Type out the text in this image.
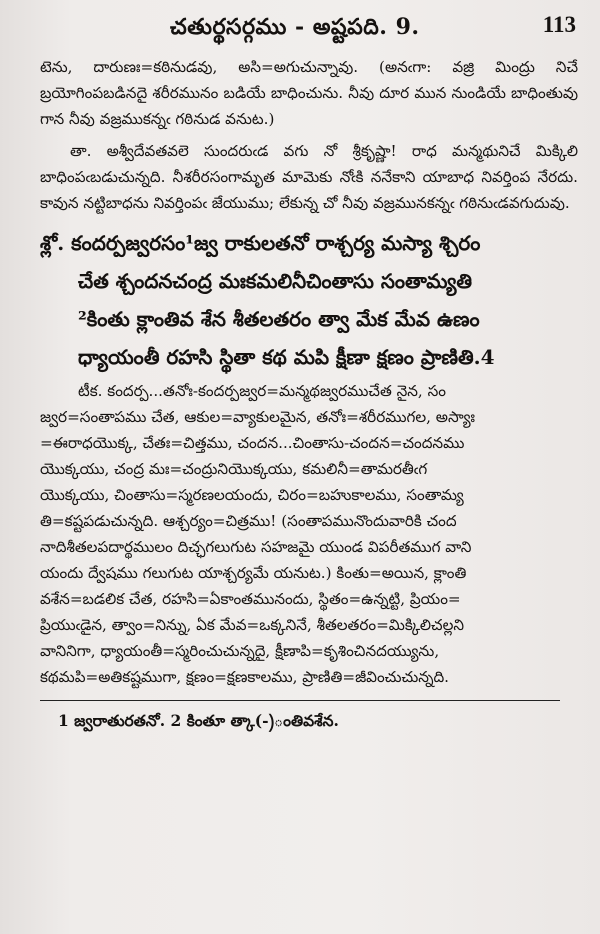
చతుర్థసర్గము - అష్టపది. 9.	113

టెను, దారుణః=కఠినుడవు, అసి=అగుచున్నావు. (అనఁగా: వజ్రి మింద్రు నిచే బ్రయోగింపబడినదై శరీరమునం బడియే బాధించును. నీవు దూర మున నుండియే బాధింతువు గాన నీవు వజ్రముకన్నఁ గఠినుడ వనుట.)

తా. అశ్వీదేవతవలె సుందరుఁడ వగు నో శ్రీకృష్ణా! రాధ మన్మథునిచే మిక్కిలి బాధింపఁబడుచున్నది. నీశరీరసంగామృత మామెకు నోఁకి ననేకాని యాబాధ నివర్తింప నేరదు. కావున నట్టిబాధను నివర్తింపఁ జేయుము; లేకున్న చో నీవు వజ్రమునకన్నఁ గఠినుఁడవగుదువు.

శ్లో. కందర్పజ్వరసం¹జ్వ రాకులతనో రాశ్చర్య మస్యా శ్చిరం
చేత శ్చందనచంద్ర మఃకమలినీచింతాసు సంతామ్యతి
²కింతు క్లాంతివ శేన శీతలతరం త్వా మేక మేవ ఉణం
ధ్యాయంతీ రహసి స్థితా కథ మపి క్షీణా క్షణం ప్రాణితి.4

టీక. కందర్ప...తనోః-కందర్పజ్వర=మన్మథజ్వరముచేత నైన, సం

జ్వర=సంతాపము చేత, ఆకుల=వ్యాకులమైన, తనోః=శరీరముగల, అస్యాః

=ఈరాధయొక్క, చేతః=చిత్తము, చందన...చింతాసు-చందన=చందనము

యొక్కయు, చంద్ర మః=చంద్రునియొక్కయు, కమలినీ=తామరతీఁగ

యొక్కయు, చింతాసు=స్మరణలయందు, చిరం=బహుకాలము, సంతామ్య

తి=కష్టపడుచున్నది. ఆశ్చర్యం=చిత్రము! (సంతాపమునొందువారికి చంద

నాదిశీతలపదార్థములం దిచ్ఛగలుగుట సహజమై యుండ విపరీతముగ వాని

యందు ద్వేషము గలుగుట యాశ్చర్యమే యనుట.) కింతు=అయిన, క్లాంతి

వశేన=బడలిక చేత, రహసి=ఏకాంతమునందు, స్థితం=ఉన్నట్టి, ప్రియం=

ప్రియుఁడైన, త్వాం=నిన్ను, ఏక మేవ=ఒక్కనినే, శీతలతరం=మిక్కిలిచల్లని

వానినిగా, ధ్యాయంతీ=స్మరించుచున్నదై, క్షీణాపి=కృశించినదయ్యును,

కథమపి=అతికష్టముగా, క్షణం=క్షణకాలము, ప్రాణితి=జీవించుచున్నది.

1 జ్వరాతురతనో. 2 కింతూ త్కా(-)ంతివశేన.
